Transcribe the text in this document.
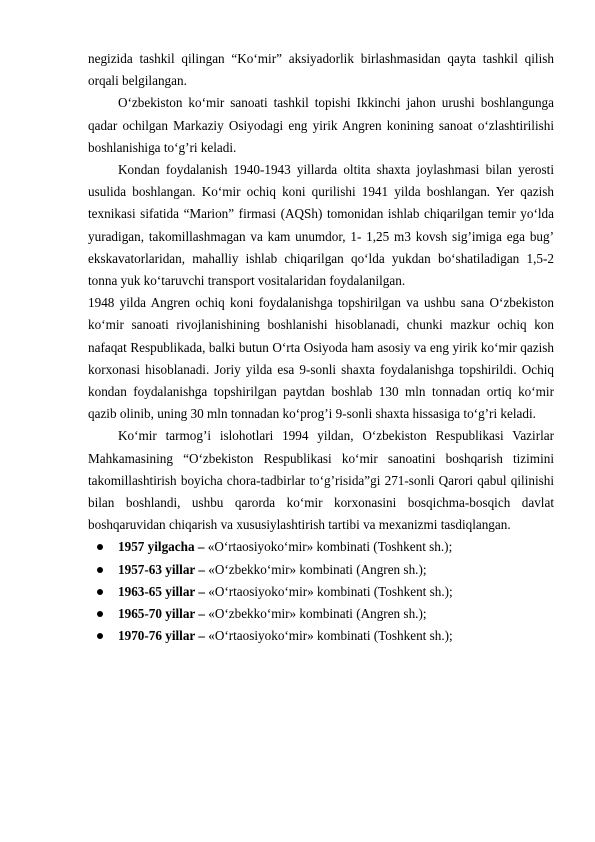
negizida tashkil qilingan “Ko‘mir” aksiyadorlik birlashmasidan qayta tashkil qilish orqali belgilangan.

O‘zbekiston ko‘mir sanoati tashkil topishi Ikkinchi jahon urushi boshlangunga qadar ochilgan Markaziy Osiyodagi eng yirik Angren konining sanoat o‘zlashtirilishi boshlanishiga to‘g’ri keladi.

Kondan foydalanish 1940-1943 yillarda oltita shaxta joylashmasi bilan yerosti usulida boshlangan. Ko‘mir ochiq koni qurilishi 1941 yilda boshlangan. Yer qazish texnikasi sifatida “Marion” firmasi (AQSh) tomonidan ishlab chiqarilgan temir yo‘lda yuradigan, takomillashmagan va kam unumdor, 1- 1,25 m3 kovsh sig’imiga ega bug’ ekskavatorlaridan, mahalliy ishlab chiqarilgan qo‘lda yukdan bo‘shatiladigan 1,5-2 tonna yuk ko‘taruvchi transport vositalaridan foydalanilgan.

1948 yilda Angren ochiq koni foydalanishga topshirilgan va ushbu sana O‘zbekiston ko‘mir sanoati rivojlanishining boshlanishi hisoblanadi, chunki mazkur ochiq kon nafaqat Respublikada, balki butun O‘rta Osiyoda ham asosiy va eng yirik ko‘mir qazish korxonasi hisoblanadi. Joriy yilda esa 9-sonli shaxta foydalanishga topshirildi. Ochiq kondan foydalanishga topshirilgan paytdan boshlab 130 mln tonnadan ortiq ko‘mir qazib olinib, uning 30 mln tonnadan ko‘prog’i 9-sonli shaxta hissasiga to‘g’ri keladi.

Ko‘mir tarmog’i islohotlari 1994 yildan, O‘zbekiston Respublikasi Vazirlar Mahkamasining “O‘zbekiston Respublikasi ko‘mir sanoatini boshqarish tizimini takomillashtirish boyicha chora-tadbirlar to‘g’risida”gi 271-sonli Qarori qabul qilinishi bilan boshlandi, ushbu qarorda ko‘mir korxonasini bosqichma-bosqich davlat boshqaruvidan chiqarish va xususiylashtirish tartibi va mexanizmi tasdiqlangan.

1957 yilgacha – «O‘rtaosiyoko‘mir» kombinati (Toshkent sh.);
1957-63 yillar – «O‘zbekko‘mir» kombinati (Angren sh.);
1963-65 yillar – «O‘rtaosiyoko‘mir» kombinati (Toshkent sh.);
1965-70 yillar – «O‘zbekko‘mir» kombinati (Angren sh.);
1970-76 yillar – «O‘rtaosiyoko‘mir» kombinati (Toshkent sh.);
